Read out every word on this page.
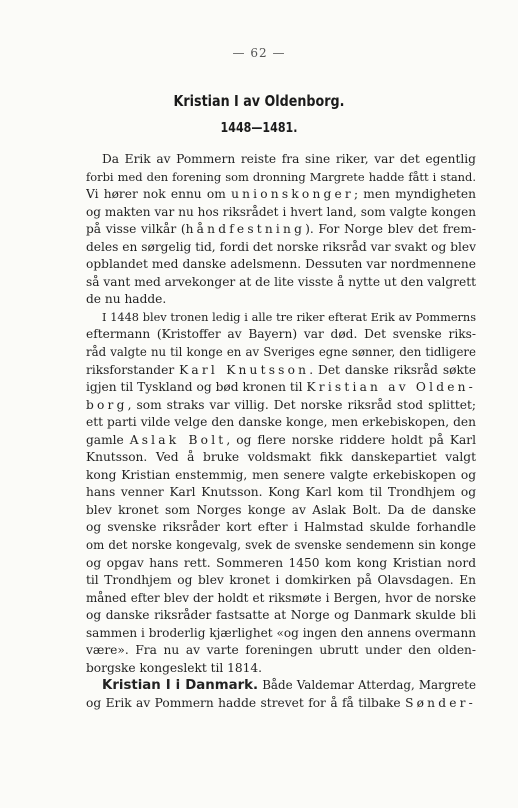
— 62 —
Kristian I av Oldenborg.
1448—1481.
Da Erik av Pommern reiste fra sine riker, var det egentlig
forbi med den forening som dronning Margrete hadde fått i stand.
Vi hører nok ennu om unionskonger; men myndigheten
og makten var nu hos riksrådet i hvert land, som valgte kongen
på visse vilkår (håndfestning). For Norge blev det frem-
deles en sørgelig tid, fordi det norske riksråd var svakt og blev
opblandet med danske adelsmenn. Dessuten var nordmennene
så vant med arvekonger at de lite visste å nytte ut den valgrett
de nu hadde.
I 1448 blev tronen ledig i alle tre riker efterat Erik av Pommerns
eftermann (Kristoffer av Bayern) var død. Det svenske riks-
råd valgte nu til konge en av Sveriges egne sønner, den tidligere
riksforstander Karl Knutsson. Det danske riksråd søkte
igjen til Tyskland og bød kronen til Kristian av Olden-
borg, som straks var villig. Det norske riksråd stod splittet;
ett parti vilde velge den danske konge, men erkebiskopen, den
gamle Aslak Bolt, og flere norske riddere holdt på Karl
Knutsson. Ved å bruke voldsmakt fikk danskepartiet valgt
kong Kristian enstemmig, men senere valgte erkebiskopen og
hans venner Karl Knutsson. Kong Karl kom til Trondhjem og
blev kronet som Norges konge av Aslak Bolt. Da de danske
og svenske riksråder kort efter i Halmstad skulde forhandle
om det norske kongevalg, svek de svenske sendemenn sin konge
og opgav hans rett. Sommeren 1450 kom kong Kristian nord
til Trondhjem og blev kronet i domkirken på Olavsdagen. En
måned efter blev der holdt et riksmøte i Bergen, hvor de norske
og danske riksråder fastsatte at Norge og Danmark skulde bli
sammen i broderlig kjærlighet «og ingen den annens overmann
være». Fra nu av varte foreningen ubrutt under den olden-
borgske kongeslekt til 1814.
Kristian I i Danmark. Både Valdemar Atterdag, Margrete
og Erik av Pommern hadde strevet for å få tilbake Sønder-
